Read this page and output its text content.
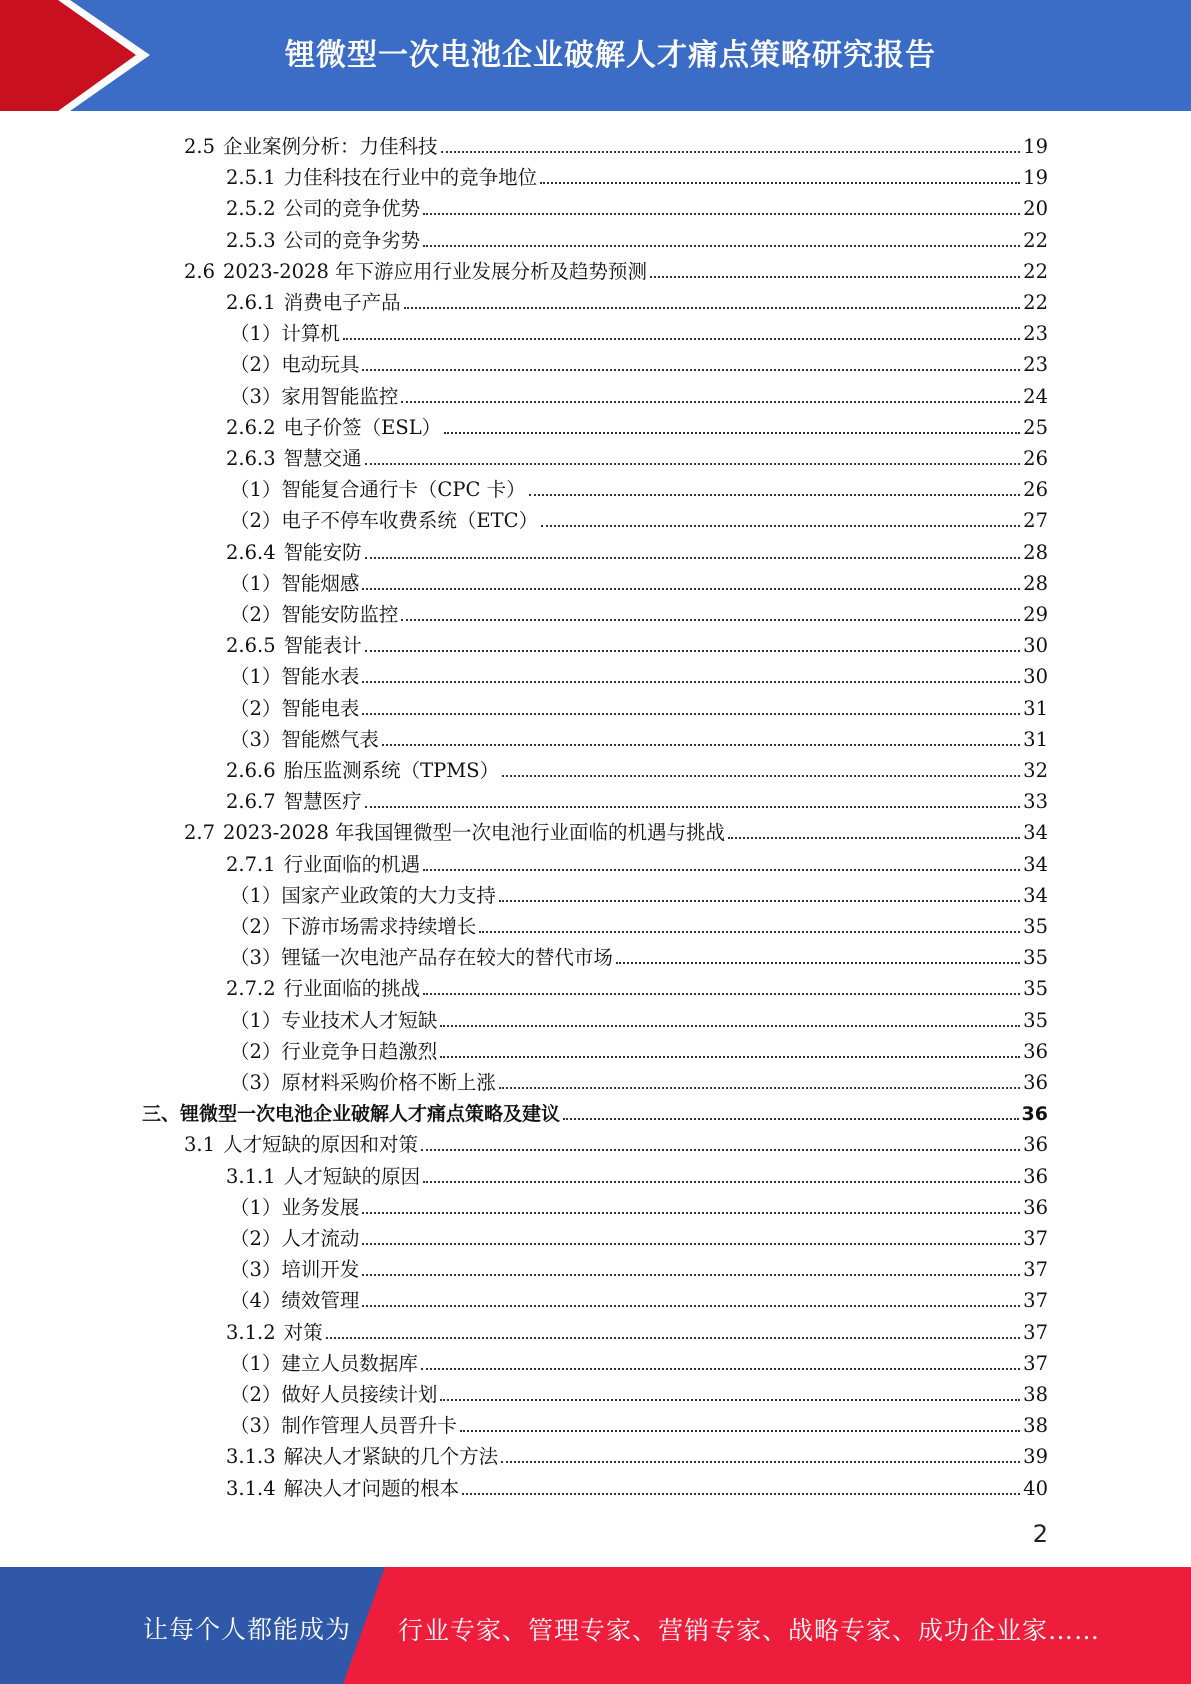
锂微型一次电池企业破解人才痛点策略研究报告
2.5 企业案例分析：力佳科技	19
2.5.1 力佳科技在行业中的竞争地位	19
2.5.2 公司的竞争优势	20
2.5.3 公司的竞争劣势	22
2.6 2023-2028 年下游应用行业发展分析及趋势预测	22
2.6.1 消费电子产品	22
（1） 计算机	23
（2） 电动玩具	23
（3） 家用智能监控	24
2.6.2 电子价签（ESL）	25
2.6.3 智慧交通	26
（1） 智能复合通行卡（CPC 卡）	26
（2） 电子不停车收费系统（ETC）	27
2.6.4 智能安防	28
（1） 智能烟感	28
（2） 智能安防监控	29
2.6.5 智能表计	30
（1） 智能水表	30
（2） 智能电表	31
（3） 智能燃气表	31
2.6.6 胎压监测系统（TPMS）	32
2.6.7 智慧医疗	33
2.7 2023-2028 年我国锂微型一次电池行业面临的机遇与挑战	34
2.7.1 行业面临的机遇	34
（1） 国家产业政策的大力支持	34
（2） 下游市场需求持续增长	35
（3） 锂锰一次电池产品存在较大的替代市场	35
2.7.2 行业面临的挑战	35
（1） 专业技术人才短缺	35
（2） 行业竞争日趋激烈	36
（3） 原材料采购价格不断上涨	36
三、 锂微型一次电池企业破解人才痛点策略及建议	36
3.1 人才短缺的原因和对策	36
3.1.1 人才短缺的原因	36
（1） 业务发展	36
（2） 人才流动	37
（3） 培训开发	37
（4） 绩效管理	37
3.1.2 对策	37
（1） 建立人员数据库	37
（2） 做好人员接续计划	38
（3） 制作管理人员晋升卡	38
3.1.3 解决人才紧缺的几个方法	39
3.1.4 解决人才问题的根本	40
2
让每个人都能成为 行业专家、管理专家、营销专家、战略专家、成功企业家……
